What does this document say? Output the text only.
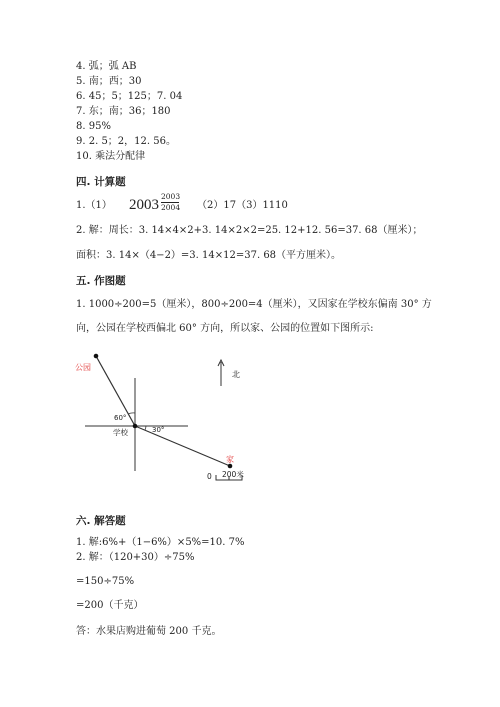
4. 弧；弧 AB
5. 南；西；30
6. 45；5；125；7. 04
7. 东；南；36；180
8. 95%
9. 2. 5；2，12. 56。
10. 乘法分配律
四. 计算题
1.（1） 2003
2003
2004 （2）17（3）1110
2. 解：周长：3. 14×4×2+3. 14×2×2=25. 12+12. 56=37. 68（厘米）；
面积：3. 14×（4−2）=3. 14×12=37. 68（平方厘米）。
五. 作图题
1. 1000÷200=5（厘米），800÷200=4（厘米），又因家在学校东偏南 30° 方
向，公园在学校西偏北 60° 方向，所以家、公园的位置如下图所示:
公园
学校
家
北
60°
30°
0 200米
六. 解答题
1. 解:6%+（1−6%）×5%=10. 7%
2. 解：（120+30）÷75%
=150÷75%
=200（千克）
答：水果店购进葡萄 200 千克。
